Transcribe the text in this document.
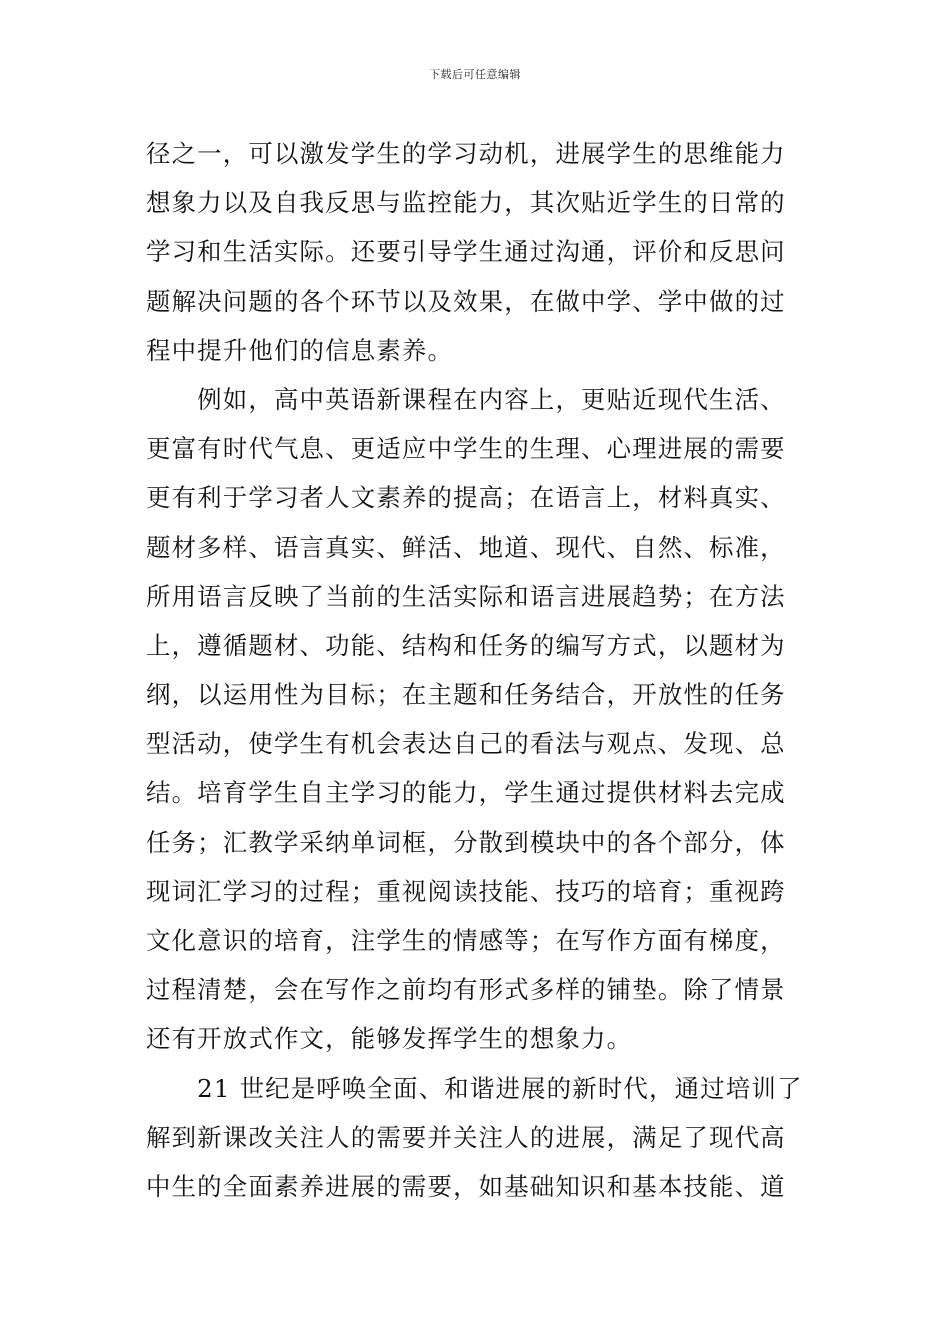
下载后可任意编辑
径之一，可以激发学生的学习动机，进展学生的思维能力
想象力以及自我反思与监控能力，其次贴近学生的日常的
学习和生活实际。还要引导学生通过沟通，评价和反思问
题解决问题的各个环节以及效果，在做中学、学中做的过
程中提升他们的信息素养。
　　例如，高中英语新课程在内容上，更贴近现代生活、
更富有时代气息、更适应中学生的生理、心理进展的需要
更有利于学习者人文素养的提高；在语言上，材料真实、
题材多样、语言真实、鲜活、地道、现代、自然、标准，
所用语言反映了当前的生活实际和语言进展趋势；在方法
上，遵循题材、功能、结构和任务的编写方式，以题材为
纲，以运用性为目标；在主题和任务结合，开放性的任务
型活动，使学生有机会表达自己的看法与观点、发现、总
结。培育学生自主学习的能力，学生通过提供材料去完成
任务；汇教学采纳单词框，分散到模块中的各个部分，体
现词汇学习的过程；重视阅读技能、技巧的培育；重视跨
文化意识的培育，注学生的情感等；在写作方面有梯度，
过程清楚，会在写作之前均有形式多样的铺垫。除了情景
还有开放式作文，能够发挥学生的想象力。
　　21 世纪是呼唤全面、和谐进展的新时代，通过培训了
解到新课改关注人的需要并关注人的进展，满足了现代高
中生的全面素养进展的需要，如基础知识和基本技能、道
